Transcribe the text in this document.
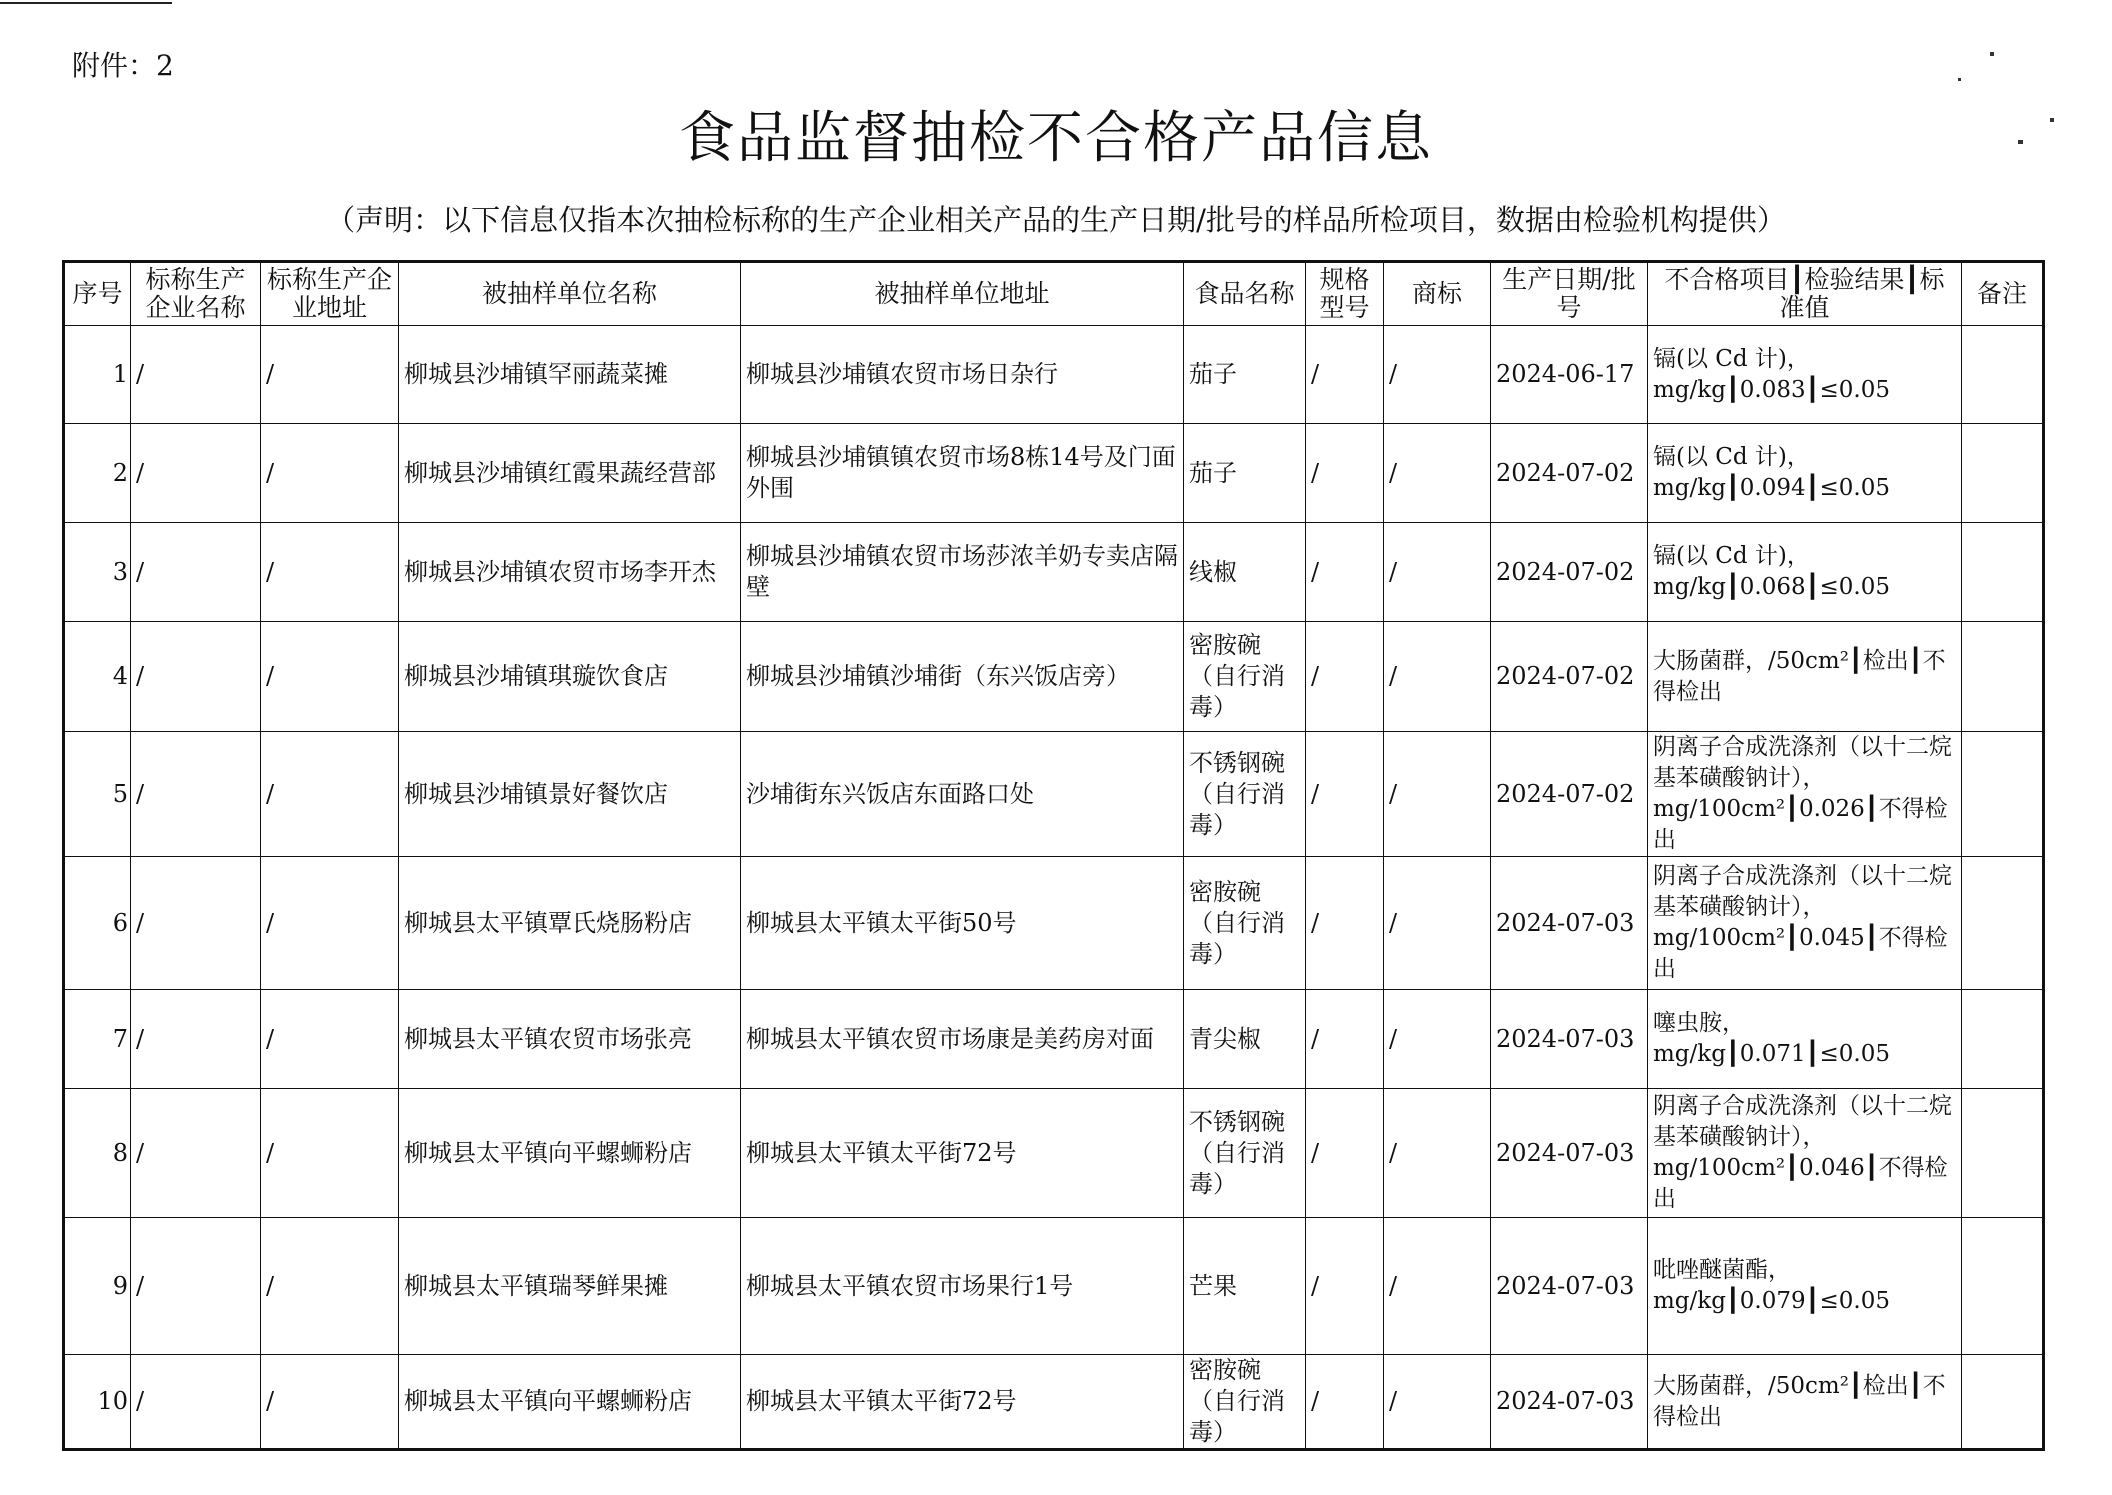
附件：2
食品监督抽检不合格产品信息
（声明：以下信息仅指本次抽检标称的生产企业相关产品的生产日期/批号的样品所检项目，数据由检验机构提供）
序号	标称生产企业名称	标称生产企业地址	被抽样单位名称	被抽样单位地址	食品名称	规格型号	商标	生产日期/批号	不合格项目┃检验结果┃标准值	备注
1	/	/	柳城县沙埔镇罕丽蔬菜摊	柳城县沙埔镇农贸市场日杂行	茄子	/	/	2024-06-17	镉(以 Cd 计)，mg/kg┃0.083┃≤0.05	
2	/	/	柳城县沙埔镇红霞果蔬经营部	柳城县沙埔镇镇农贸市场8栋14号及门面外围	茄子	/	/	2024-07-02	镉(以 Cd 计)，mg/kg┃0.094┃≤0.05	
3	/	/	柳城县沙埔镇农贸市场李开杰	柳城县沙埔镇农贸市场莎浓羊奶专卖店隔壁	线椒	/	/	2024-07-02	镉(以 Cd 计)，mg/kg┃0.068┃≤0.05	
4	/	/	柳城县沙埔镇琪璇饮食店	柳城县沙埔镇沙埔街（东兴饭店旁）	密胺碗（自行消毒）	/	/	2024-07-02	大肠菌群，/50cm²┃检出┃不得检出	
5	/	/	柳城县沙埔镇景好餐饮店	沙埔街东兴饭店东面路口处	不锈钢碗（自行消毒）	/	/	2024-07-02	阴离子合成洗涤剂（以十二烷基苯磺酸钠计），mg/100cm²┃0.026┃不得检出	
6	/	/	柳城县太平镇覃氏烧肠粉店	柳城县太平镇太平街50号	密胺碗（自行消毒）	/	/	2024-07-03	阴离子合成洗涤剂（以十二烷基苯磺酸钠计），mg/100cm²┃0.045┃不得检出	
7	/	/	柳城县太平镇农贸市场张亮	柳城县太平镇农贸市场康是美药房对面	青尖椒	/	/	2024-07-03	噻虫胺，mg/kg┃0.071┃≤0.05	
8	/	/	柳城县太平镇向平螺蛳粉店	柳城县太平镇太平街72号	不锈钢碗（自行消毒）	/	/	2024-07-03	阴离子合成洗涤剂（以十二烷基苯磺酸钠计），mg/100cm²┃0.046┃不得检出	
9	/	/	柳城县太平镇瑞琴鲜果摊	柳城县太平镇农贸市场果行1号	芒果	/	/	2024-07-03	吡唑醚菌酯，mg/kg┃0.079┃≤0.05	
10	/	/	柳城县太平镇向平螺蛳粉店	柳城县太平镇太平街72号	密胺碗（自行消毒）	/	/	2024-07-03	大肠菌群，/50cm²┃检出┃不得检出	
